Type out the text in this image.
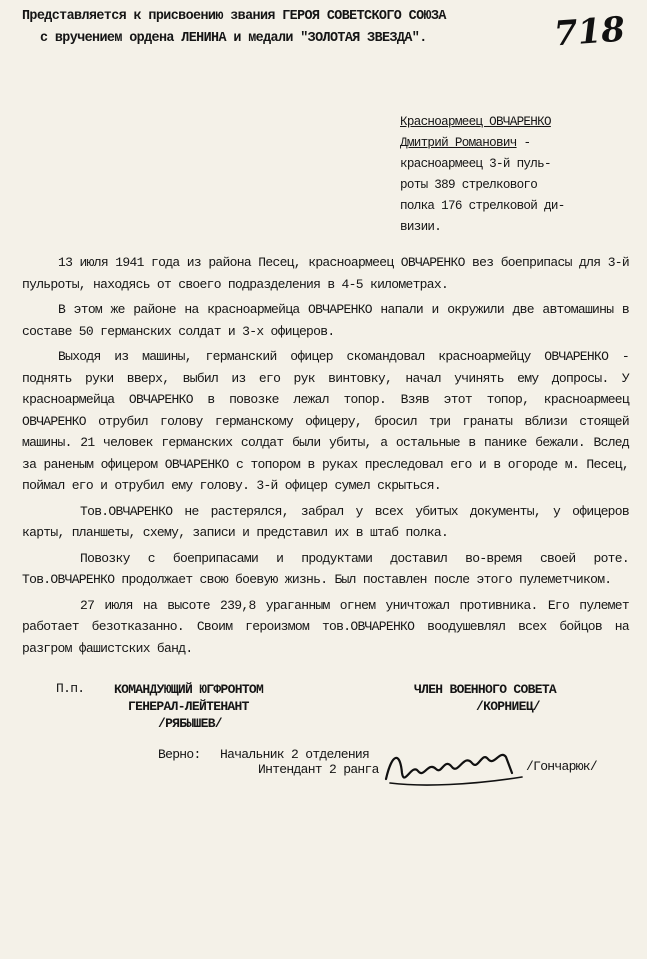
Представляется к присвоению звания ГЕРОЯ СОВЕТСКОГО СОЮЗА
с вручением ордена ЛЕНИНА и медали "ЗОЛОТАЯ ЗВЕЗДА".	718
Красноармеец ОВЧАРЕНКО
Дмитрий Романович -
красноармеец 3-й пуль-
роты 389 стрелкового
полка 176 стрелковой ди-
визии.

13 июля 1941 года из района Песец, красноармеец ОВЧАРЕНКО вез боеприпасы для 3-й пульроты, находясь от своего подразделения в 4-5 километрах.

В этом же районе на красноармейца ОВЧАРЕНКО напали и окружили две автомашины в составе 50 германских солдат и 3-х офицеров.

Выходя из машины, германский офицер скомандовал красноармейцу ОВЧАРЕНКО - поднять руки вверх, выбил из его рук винтовку, начал учинять ему допросы. У красноармейца ОВЧАРЕНКО в повозке лежал топор. Взяв этот топор, красноармеец ОВЧАРЕНКО отрубил голову германскому офицеру, бросил три гранаты вблизи стоящей машины. 21 человек германских солдат были убиты, а остальные в панике бежали. Вслед за раненым офицером ОВЧАРЕНКО с топором в руках преследовал его и в огороде м. Песец, поймал его и отрубил ему голову. 3-й офицер сумел скрыться.

Тов.ОВЧАРЕНКО не растерялся, забрал у всех убитых документы, у офицеров карты, планшеты, схему, записи и представил их в штаб полка.

Повозку с боеприпасами и продуктами доставил во-время своей роте. Тов.ОВЧАРЕНКО продолжает свою боевую жизнь. Был поставлен после этого пулеметчиком.

27 июля на высоте 239,8 ураганным огнем уничтожал противника. Его пулемет работает безотказанно. Своим героизмом тов.ОВЧАРЕНКО воодушевлял всех бойцов на разгром фашистских банд.

П.п. КОМАНДУЮЩИЙ ЮГФРОНТОМ
ГЕНЕРАЛ-ЛЕЙТЕНАНТ
/РЯБЫШЕВ/
ЧЛЕН ВОЕННОГО СОВЕТА
/КОРНИЕЦ/
Верно: Начальник 2 отделения
Интендант 2 ранга	/Гончарюк/
